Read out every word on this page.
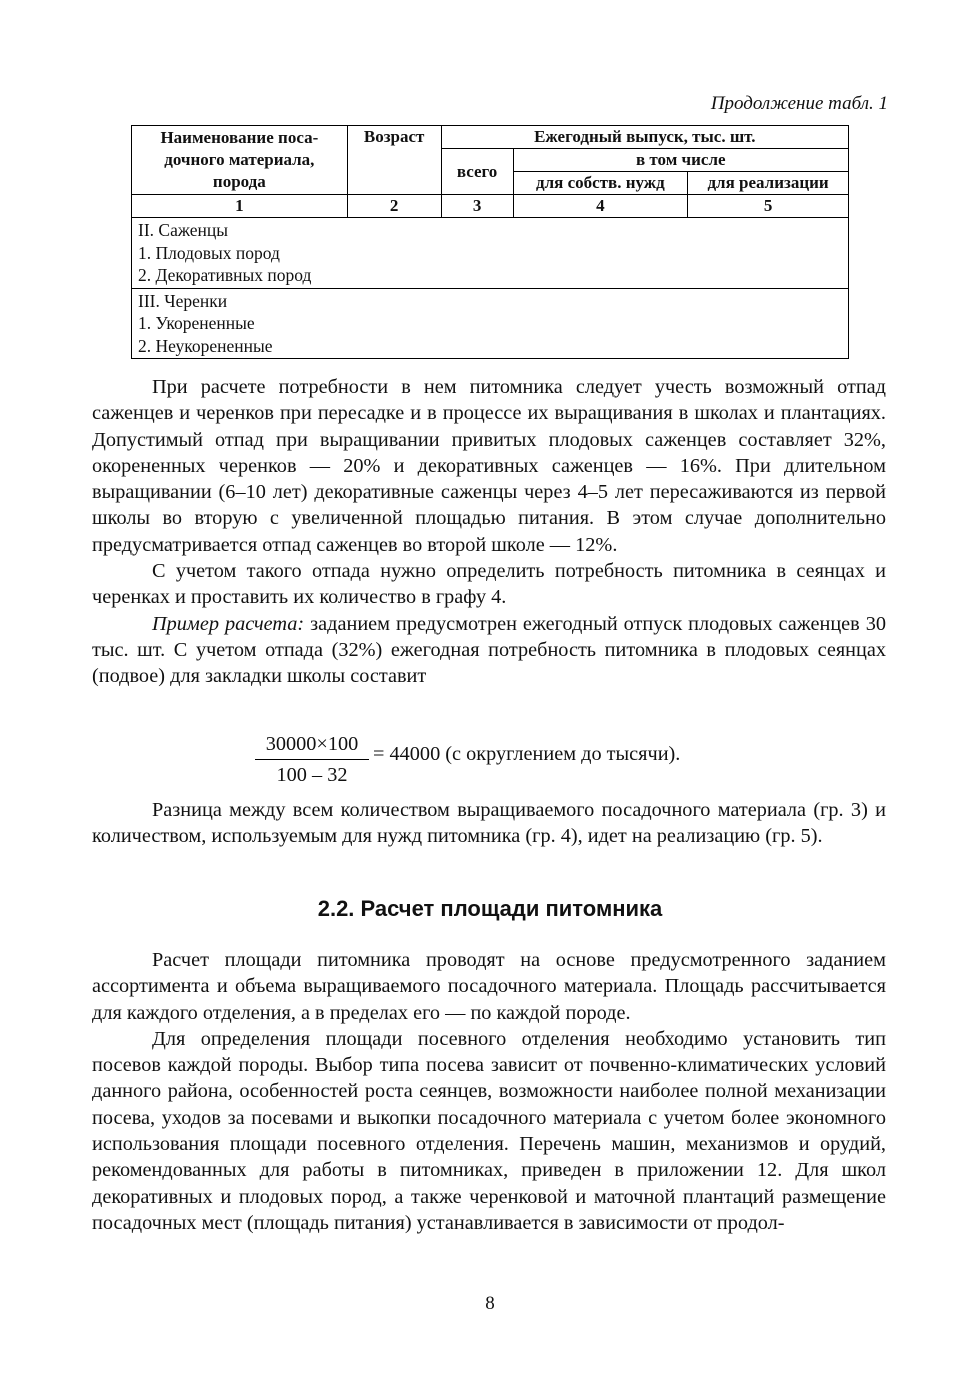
Продолжение табл. 1
Наименование поса-
дочного материала,
порода	Возраст	Ежегодный выпуск, тыс. шт.		
		всего	в том числе	
			для собств. нужд	для реализации
1	2	3	4	5

II. Саженцы
1. Плодовых пород
2. Декоративных пород				

III. Черенки
1. Укорененные
2. Неукорененные				

При расчете потребности в нем питомника следует учесть возможный отпад саженцев и черенков при пересадке и в процессе их выращивания в школах и плантациях. Допустимый отпад при выращивании привитых плодовых саженцев составляет 32%, окорененных черенков — 20% и декоративных саженцев — 16%. При длительном выращивании (6–10 лет) декоративные саженцы через 4–5 лет пересаживаются из первой школы во вторую с увеличенной площадью питания. В этом случае дополнительно предусматривается отпад саженцев во второй школе — 12%.

С учетом такого отпада нужно определить потребность питомника в сеянцах и черенках и проставить их количество в графу 4.

Пример расчета: заданием предусмотрен ежегодный отпуск плодовых саженцев 30 тыс. шт. С учетом отпада (32%) ежегодная потребность питомника в плодовых сеянцах (подвое) для закладки школы составит

30000×100
100 – 32
= 44000 (с округлением до тысячи).

Разница между всем количеством выращиваемого посадочного материала (гр. 3) и количеством, используемым для нужд питомника (гр. 4), идет на реализацию (гр. 5).

2.2. Расчет площади питомника

Расчет площади питомника проводят на основе предусмотренного заданием ассортимента и объема выращиваемого посадочного материала. Площадь рассчитывается для каждого отделения, а в пределах его — по каждой породе.

Для определения площади посевного отделения необходимо установить тип посевов каждой породы. Выбор типа посева зависит от почвенно-климатических условий данного района, особенностей роста сеянцев, возможности наиболее полной механизации посева, уходов за посевами и выкопки посадочного материала с учетом более экономного использования площади посевного отделения. Перечень машин, механизмов и орудий, рекомендованных для работы в питомниках, приведен в приложении 12. Для школ декоративных и плодовых пород, а также черенковой и маточной плантаций размещение посадочных мест (площадь питания) устанавливается в зависимости от продол-

8
